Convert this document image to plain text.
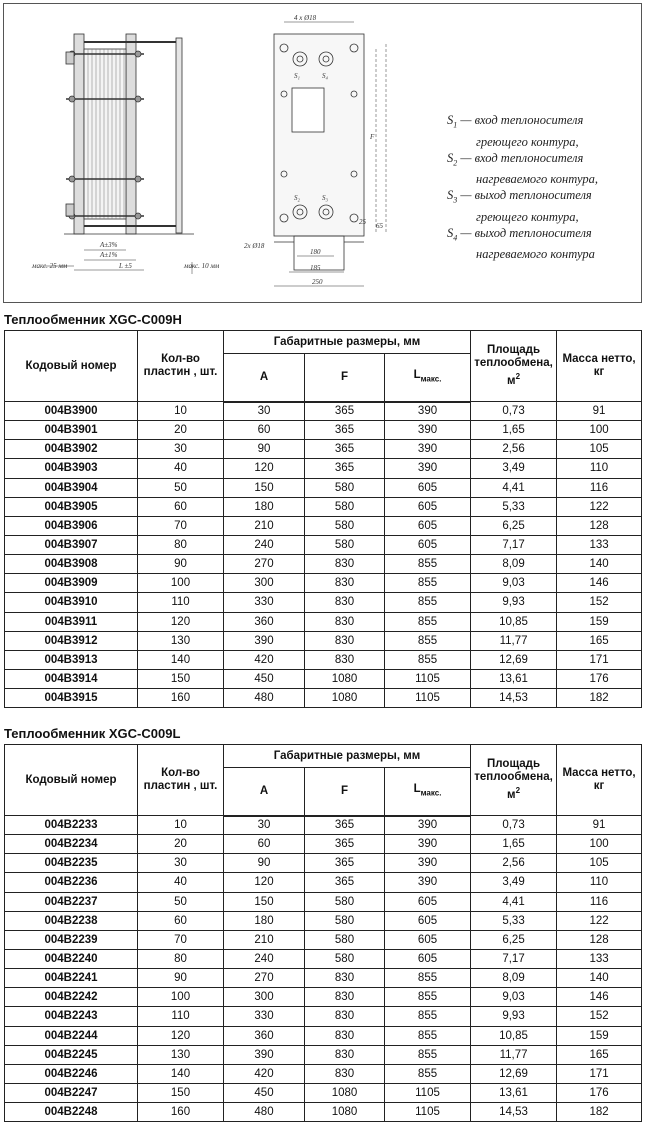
A±3%
A±1%
L ±5
макс. 25 мм	макс. 10 мм
4 x Ø18
S₁	S₄
S₂	S₃
F
25 65
2x Ø18
180
185
250
$S_1$ — вход теплоносителя
греющего контура,
$S_2$ — вход теплоносителя
нагреваемого контура,
$S_3$ — выход теплоносителя
греющего контура,
$S_4$ — выход теплоносителя
нагреваемого контура
Теплообменник XGC-C009H
Кодовый номер	Кол-во пластин , шт.	Габаритные размеры, мм			Площадь теплообмена, $м^2$	Масса нетто, кг
		A	F	$L_{макс.}$
004B3900	10	30	365	390	0,73	91
004B3901	20	60	365	390	1,65	100
004B3902	30	90	365	390	2,56	105
004B3903	40	120	365	390	3,49	110
004B3904	50	150	580	605	4,41	116
004B3905	60	180	580	605	5,33	122
004B3906	70	210	580	605	6,25	128
004B3907	80	240	580	605	7,17	133
004B3908	90	270	830	855	8,09	140
004B3909	100	300	830	855	9,03	146
004B3910	110	330	830	855	9,93	152
004B3911	120	360	830	855	10,85	159
004B3912	130	390	830	855	11,77	165
004B3913	140	420	830	855	12,69	171
004B3914	150	450	1080	1105	13,61	176
004B3915	160	480	1080	1105	14,53	182
Теплообменник XGC-C009L
Кодовый номер	Кол-во пластин , шт.	Габаритные размеры, мм			Площадь теплообмена, $м^2$	Масса нетто, кг
		A	F	$L_{макс.}$
004B2233	10	30	365	390	0,73	91
004B2234	20	60	365	390	1,65	100
004B2235	30	90	365	390	2,56	105
004B2236	40	120	365	390	3,49	110
004B2237	50	150	580	605	4,41	116
004B2238	60	180	580	605	5,33	122
004B2239	70	210	580	605	6,25	128
004B2240	80	240	580	605	7,17	133
004B2241	90	270	830	855	8,09	140
004B2242	100	300	830	855	9,03	146
004B2243	110	330	830	855	9,93	152
004B2244	120	360	830	855	10,85	159
004B2245	130	390	830	855	11,77	165
004B2246	140	420	830	855	12,69	171
004B2247	150	450	1080	1105	13,61	176
004B2248	160	480	1080	1105	14,53	182
